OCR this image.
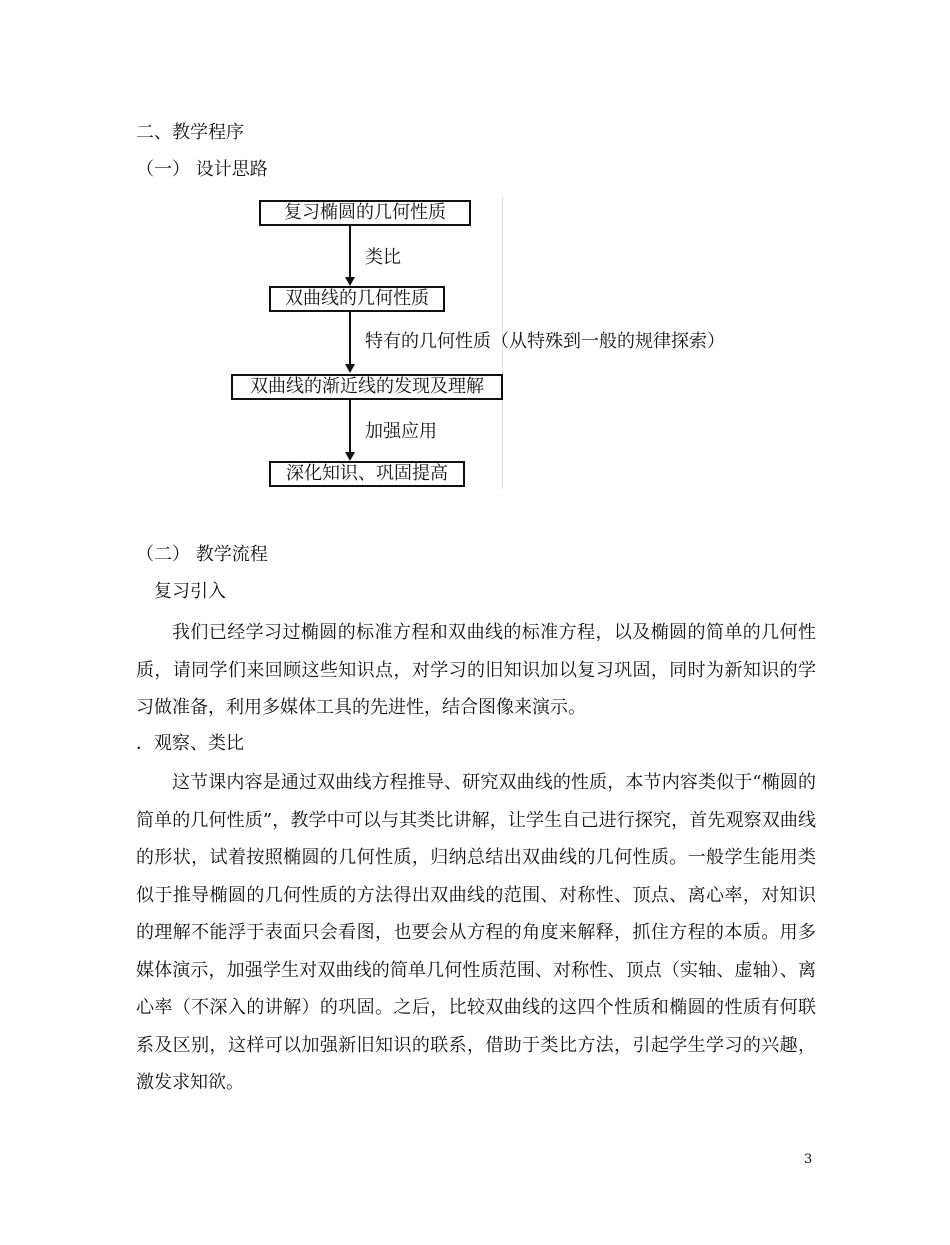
二、教学程序
（一） 设计思路
复习椭圆的几何性质
类比
双曲线的几何性质
特有的几何性质（从特殊到一般的规律探索）
双曲线的渐近线的发现及理解
加强应用
深化知识、巩固提高
（二） 教学流程
复习引入
我们已经学习过椭圆的标准方程和双曲线的标准方程，以及椭圆的简单的几何性质，请同学们来回顾这些知识点，对学习的旧知识加以复习巩固，同时为新知识的学习做准备，利用多媒体工具的先进性，结合图像来演示。
．观察、类比
这节课内容是通过双曲线方程推导、研究双曲线的性质，本节内容类似于“椭圆的简单的几何性质”，教学中可以与其类比讲解，让学生自己进行探究，首先观察双曲线的形状，试着按照椭圆的几何性质，归纳总结出双曲线的几何性质。一般学生能用类似于推导椭圆的几何性质的方法得出双曲线的范围、对称性、顶点、离心率，对知识的理解不能浮于表面只会看图，也要会从方程的角度来解释，抓住方程的本质。用多媒体演示，加强学生对双曲线的简单几何性质范围、对称性、顶点（实轴、虚轴）、离心率（不深入的讲解）的巩固。之后，比较双曲线的这四个性质和椭圆的性质有何联系及区别，这样可以加强新旧知识的联系，借助于类比方法，引起学生学习的兴趣，激发求知欲。
3
